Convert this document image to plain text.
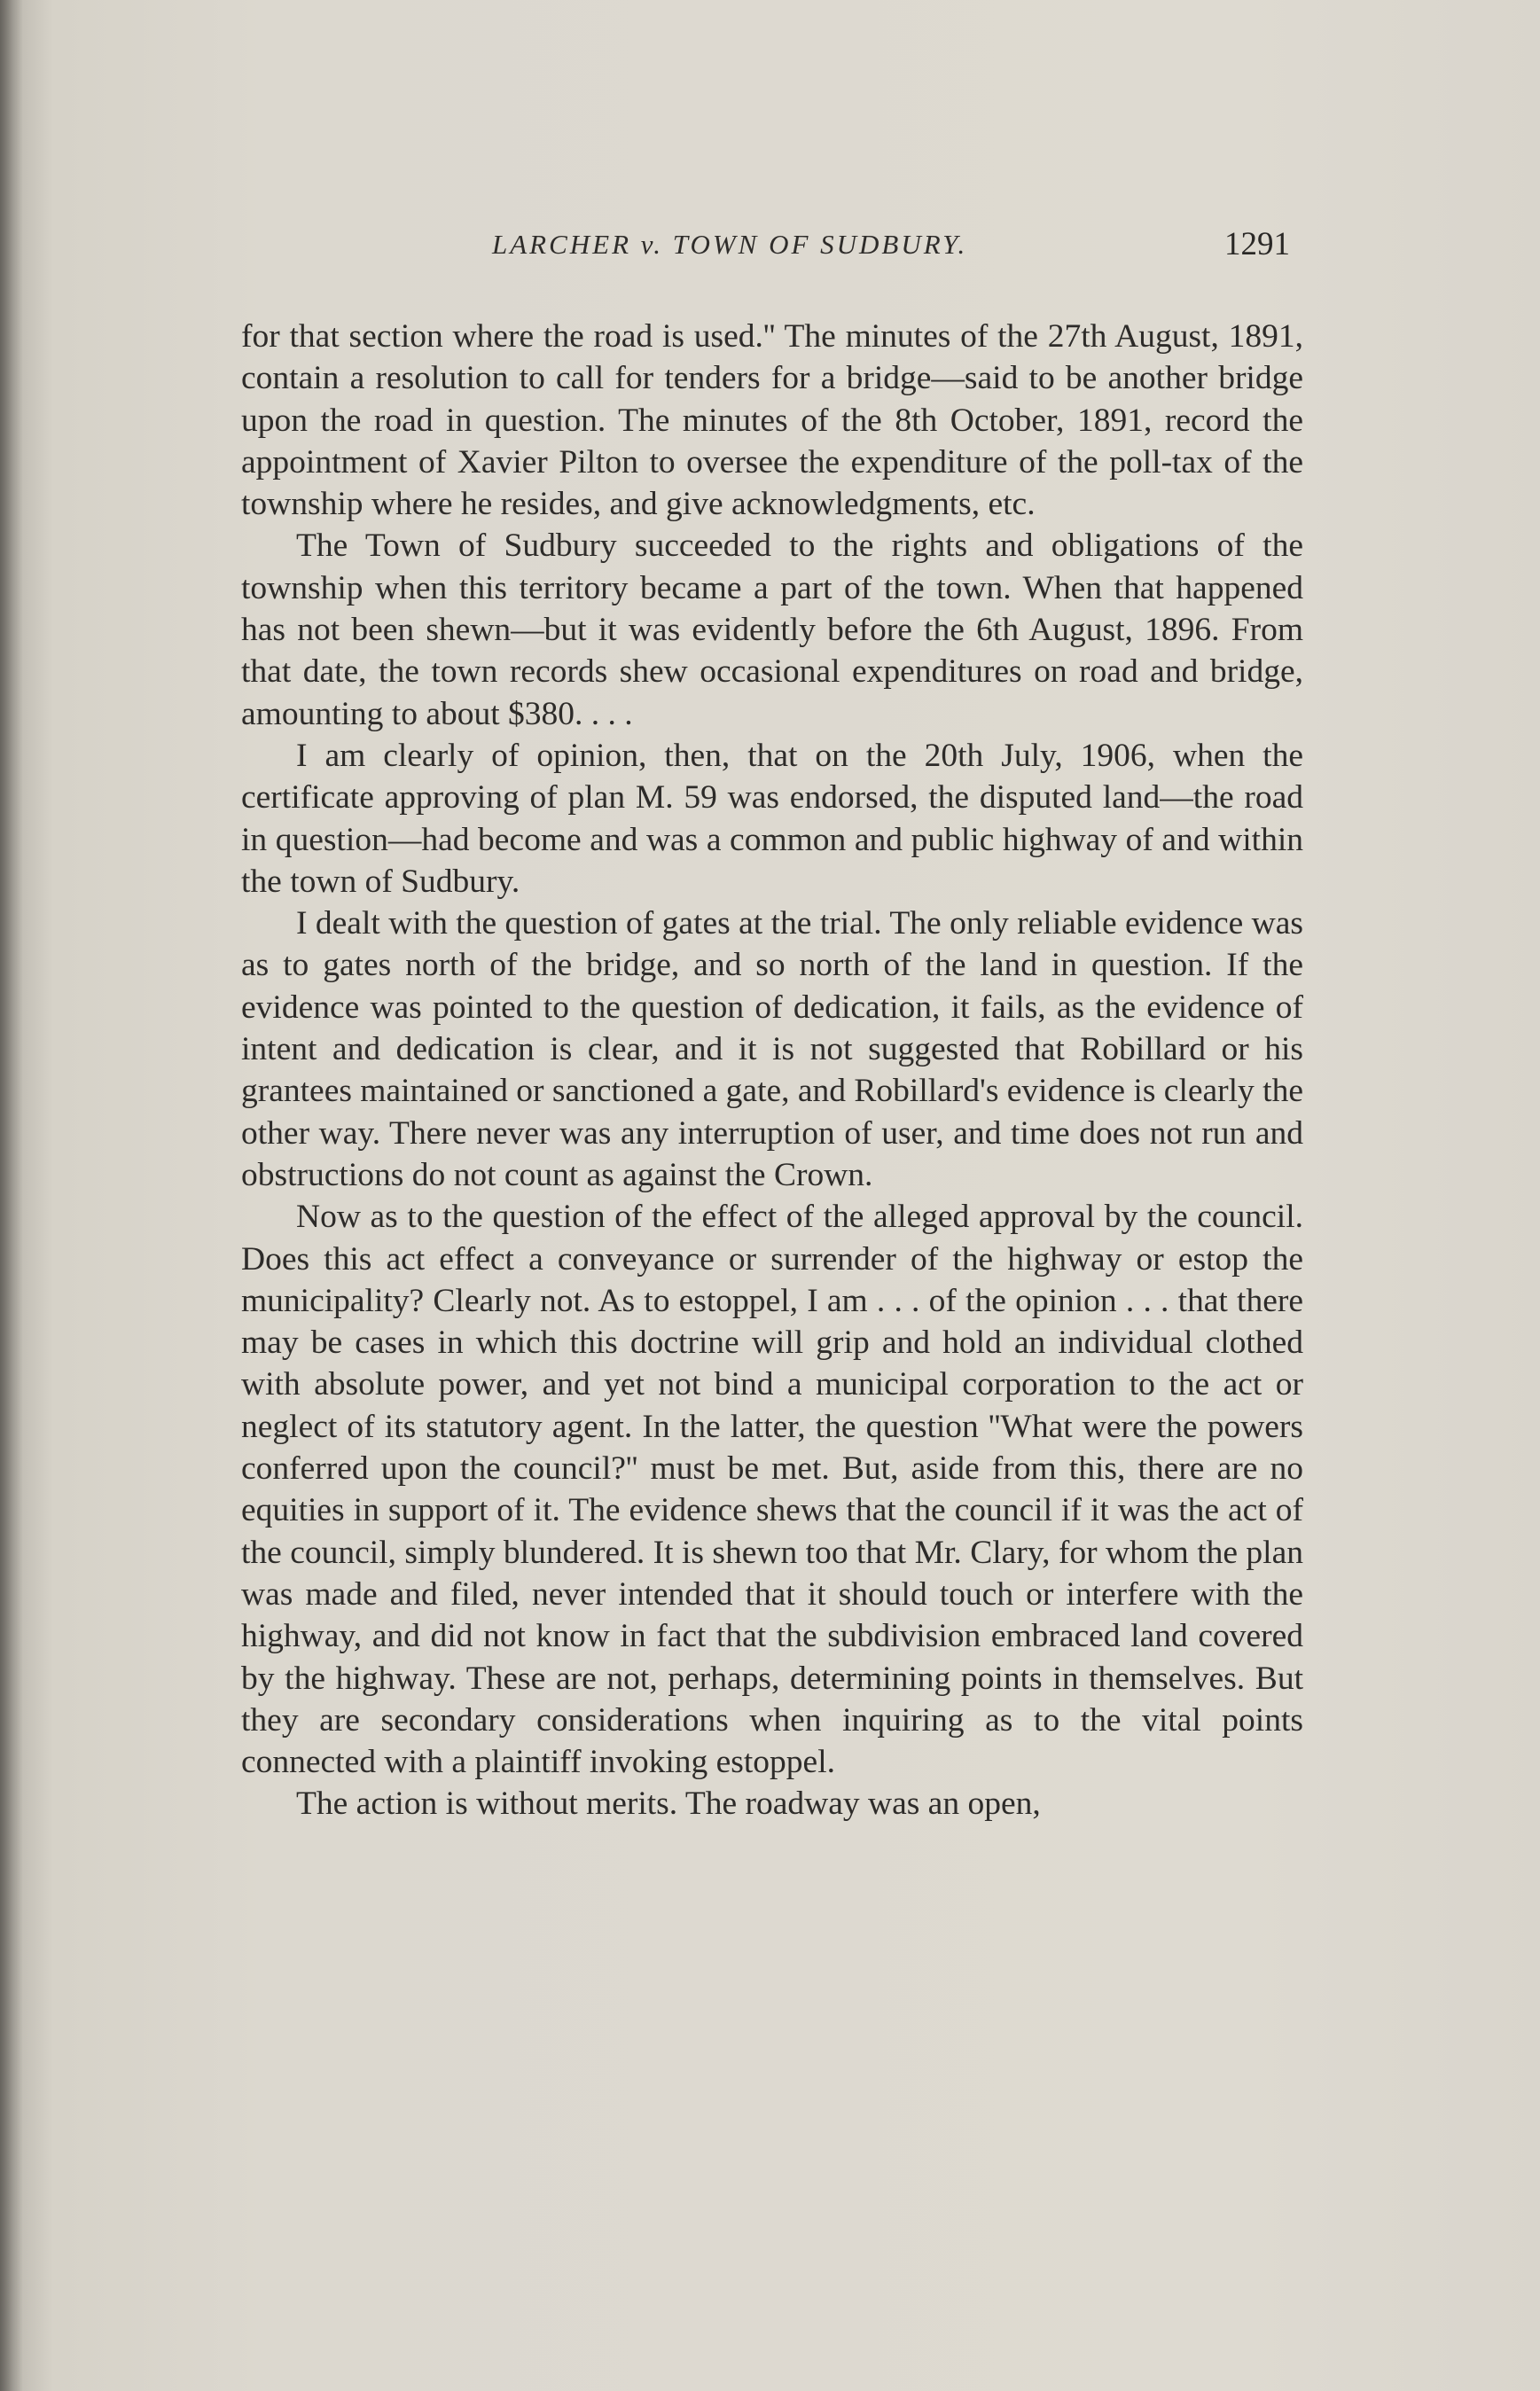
LARCHER v. TOWN OF SUDBURY.	1291

for that section where the road is used.'' The minutes of the 27th August, 1891, contain a resolution to call for tenders for a bridge—said to be another bridge upon the road in question. The minutes of the 8th October, 1891, record the appointment of Xavier Pilton to oversee the expenditure of the poll-tax of the township where he resides, and give acknowledgments, etc.

The Town of Sudbury succeeded to the rights and obligations of the township when this territory became a part of the town. When that happened has not been shewn—but it was evidently before the 6th August, 1896. From that date, the town records shew occasional expenditures on road and bridge, amounting to about $380. . . .

I am clearly of opinion, then, that on the 20th July, 1906, when the certificate approving of plan M. 59 was endorsed, the disputed land—the road in question—had become and was a common and public highway of and within the town of Sudbury.

I dealt with the question of gates at the trial. The only reliable evidence was as to gates north of the bridge, and so north of the land in question. If the evidence was pointed to the question of dedication, it fails, as the evidence of intent and dedication is clear, and it is not suggested that Robillard or his grantees maintained or sanctioned a gate, and Robillard's evidence is clearly the other way. There never was any interruption of user, and time does not run and obstructions do not count as against the Crown.

Now as to the question of the effect of the alleged approval by the council. Does this act effect a conveyance or surrender of the highway or estop the municipality? Clearly not. As to estoppel, I am . . . of the opinion . . . that there may be cases in which this doctrine will grip and hold an individual clothed with absolute power, and yet not bind a municipal corporation to the act or neglect of its statutory agent. In the latter, the question ''What were the powers conferred upon the council?'' must be met. But, aside from this, there are no equities in support of it. The evidence shews that the council if it was the act of the council, simply blundered. It is shewn too that Mr. Clary, for whom the plan was made and filed, never intended that it should touch or interfere with the highway, and did not know in fact that the subdivision embraced land covered by the highway. These are not, perhaps, determining points in themselves. But they are secondary considerations when inquiring as to the vital points connected with a plaintiff invoking estoppel.

The action is without merits. The roadway was an open,
